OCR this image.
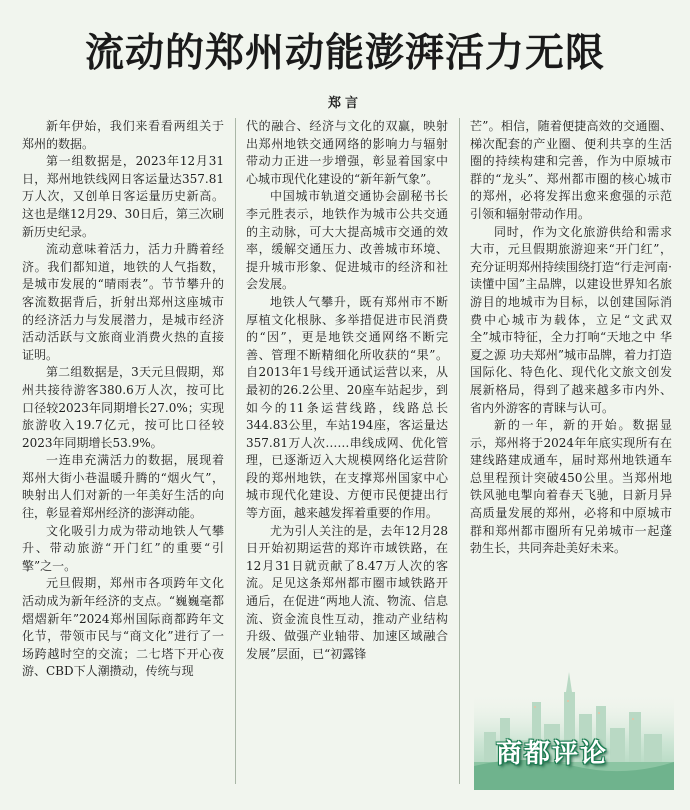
流动的郑州动能澎湃活力无限
郑言

新年伊始，我们来看看两组关于郑州的数据。

第一组数据是，2023年12月31日，郑州地铁线网日客运量达357.81万人次，又创单日客运量历史新高。这也是继12月29、30日后，第三次刷新历史纪录。

流动意味着活力，活力升腾着经济。我们都知道，地铁的人气指数，是城市发展的“晴雨表”。节节攀升的客流数据背后，折射出郑州这座城市的经济活力与发展潜力，是城市经济活动活跃与文旅商业消费火热的直接证明。

第二组数据是，3天元旦假期，郑州共接待游客380.6万人次，按可比口径较2023年同期增长27.0%；实现旅游收入19.7亿元，按可比口径较2023年同期增长53.9%。

一连串充满活力的数据，展现着郑州大街小巷温暖升腾的“烟火气”，映射出人们对新的一年美好生活的向往，彰显着郑州经济的澎湃动能。

文化吸引力成为带动地铁人气攀升、带动旅游“开门红”的重要“引擎”之一。

元旦假期，郑州市各项跨年文化活动成为新年经济的支点。“巍巍毫都熠熠新年”2024郑州国际商都跨年文化节，带领市民与“商文化”进行了一场跨越时空的交流；二七塔下开心夜游、CBD下人潮攒动，传统与现

代的融合、经济与文化的双赢，映射出郑州地铁交通网络的影响力与辐射带动力正进一步增强，彰显着国家中心城市现代化建设的“新年新气象”。

中国城市轨道交通协会副秘书长李元胜表示，地铁作为城市公共交通的主动脉，可大大提高城市交通的效率，缓解交通压力、改善城市环境、提升城市形象、促进城市的经济和社会发展。

地铁人气攀升，既有郑州市不断厚植文化根脉、多举措促进市民消费的“因”，更是地铁交通网络不断完善、管理不断精细化所收获的“果”。自2013年1号线开通试运营以来，从最初的26.2公里、20座车站起步，到如今的11条运营线路，线路总长344.83公里，车站194座，客运量达357.81万人次……串线成网、优化管理，已逐渐迈入大规模网络化运营阶段的郑州地铁，在支撑郑州国家中心城市现代化建设、方便市民便捷出行等方面，越来越发挥着重要的作用。

尤为引人关注的是，去年12月28日开始初期运营的郑许市域铁路，在12月31日就贡献了8.47万人次的客流。足见这条郑州都市圈市域铁路开通后，在促进“两地人流、物流、信息流、资金流良性互动，推动产业结构升级、做强产业轴带、加速区域融合发展”层面，已“初露锋

芒”。相信，随着便捷高效的交通圈、梯次配套的产业圈、便利共享的生活圈的持续构建和完善，作为中原城市群的“龙头”、郑州都市圈的核心城市的郑州，必将发挥出愈来愈强的示范引领和辐射带动作用。

同时，作为文化旅游供给和需求大市，元旦假期旅游迎来“开门红”，充分证明郑州持续围绕打造“行走河南·读懂中国”主品牌，以建设世界知名旅游目的地城市为目标，以创建国际消费中心城市为载体，立足“文武双全”城市特征，全力打响“天地之中 华夏之源 功夫郑州”城市品牌，着力打造国际化、特色化、现代化文旅文创发展新格局，得到了越来越多市内外、省内外游客的青睐与认可。

新的一年，新的开始。数据显示，郑州将于2024年年底实现所有在建线路建成通车，届时郑州地铁通车总里程预计突破450公里。当郑州地铁风驰电掣向着春天飞驰，日新月异高质量发展的郑州，必将和中原城市群和郑州都市圈所有兄弟城市一起蓬勃生长，共同奔赴美好未来。

商都评论
